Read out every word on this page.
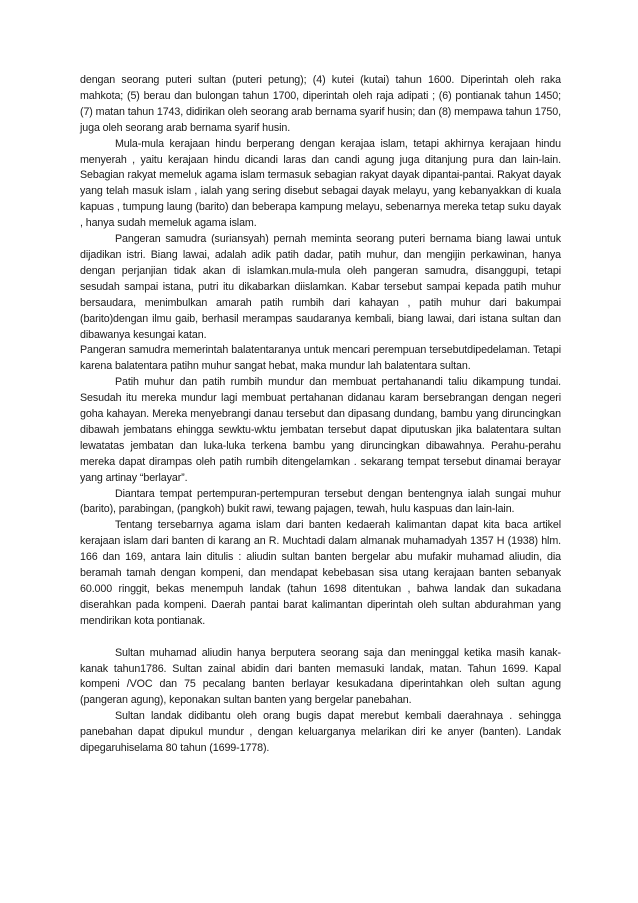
dengan seorang puteri sultan (puteri petung); (4) kutei (kutai) tahun 1600. Diperintah oleh raka mahkota; (5) berau dan bulongan tahun 1700, diperintah oleh raja adipati ; (6) pontianak tahun 1450; (7) matan tahun 1743, didirikan oleh seorang arab bernama syarif husin; dan (8) mempawa tahun 1750, juga oleh seorang arab bernama syarif husin.

Mula-mula kerajaan hindu berperang dengan kerajaa islam, tetapi akhirnya kerajaan hindu menyerah , yaitu kerajaan hindu dicandi laras dan candi agung juga ditanjung pura dan lain-lain. Sebagian rakyat memeluk agama islam termasuk sebagian rakyat dayak dipantai-pantai. Rakyat dayak yang telah masuk islam , ialah yang sering disebut sebagai dayak melayu, yang kebanyakkan di kuala kapuas , tumpung laung (barito) dan beberapa kampung melayu, sebenarnya mereka tetap suku dayak , hanya sudah memeluk agama islam.

Pangeran samudra (suriansyah) pernah meminta seorang puteri bernama biang lawai untuk dijadikan istri. Biang lawai, adalah adik patih dadar, patih muhur, dan mengijin perkawinan, hanya dengan perjanjian tidak akan di islamkan.mula-mula oleh pangeran samudra, disanggupi, tetapi sesudah sampai istana, putri itu dikabarkan diislamkan. Kabar tersebut sampai kepada patih muhur bersaudara, menimbulkan amarah patih rumbih dari kahayan , patih muhur dari bakumpai (barito)dengan ilmu gaib, berhasil merampas saudaranya kembali, biang lawai, dari istana sultan dan dibawanya kesungai katan.

Pangeran samudra memerintah balatentaranya untuk mencari perempuan tersebutdipedelaman. Tetapi karena balatentara patihn muhur sangat hebat, maka mundur lah balatentara sultan.

Patih muhur dan patih rumbih mundur dan membuat pertahanandi taliu dikampung tundai. Sesudah itu mereka mundur lagi membuat pertahanan didanau karam bersebrangan dengan negeri goha kahayan. Mereka menyebrangi danau tersebut dan dipasang dundang, bambu yang diruncingkan dibawah jembatans ehingga sewktu-wktu jembatan tersebut dapat diputuskan jika balatentara sultan lewatatas jembatan dan luka-luka terkena bambu yang diruncingkan dibawahnya. Perahu-perahu mereka dapat dirampas oleh patih rumbih ditengelamkan . sekarang tempat tersebut dinamai berayar yang artinay “berlayar”.

Diantara tempat pertempuran-pertempuran tersebut dengan bentengnya ialah sungai muhur (barito), parabingan, (pangkoh) bukit rawi, tewang pajagen, tewah, hulu kaspuas dan lain-lain.

Tentang tersebarnya agama islam dari banten kedaerah kalimantan dapat kita baca artikel kerajaan islam dari banten di karang an R. Muchtadi dalam almanak muhamadyah 1357 H (1938) hlm. 166 dan 169, antara lain ditulis : aliudin sultan banten bergelar abu mufakir muhamad aliudin, dia beramah tamah dengan kompeni, dan mendapat kebebasan sisa utang kerajaan banten sebanyak 60.000 ringgit, bekas menempuh landak (tahun 1698 ditentukan , bahwa landak dan sukadana diserahkan pada kompeni. Daerah pantai barat kalimantan diperintah oleh sultan abdurahman yang mendirikan kota pontianak.

Sultan muhamad aliudin hanya berputera seorang saja dan meninggal ketika masih kanak-kanak tahun1786. Sultan zainal abidin dari banten memasuki landak, matan. Tahun 1699. Kapal kompeni /VOC dan 75 pecalang banten berlayar kesukadana diperintahkan oleh sultan agung (pangeran agung), keponakan sultan banten yang bergelar panebahan.

Sultan landak didibantu oleh orang bugis dapat merebut kembali daerahnaya . sehingga panebahan dapat dipukul mundur , dengan keluarganya melarikan diri ke anyer (banten). Landak dipegaruhiselama 80 tahun (1699-1778).
